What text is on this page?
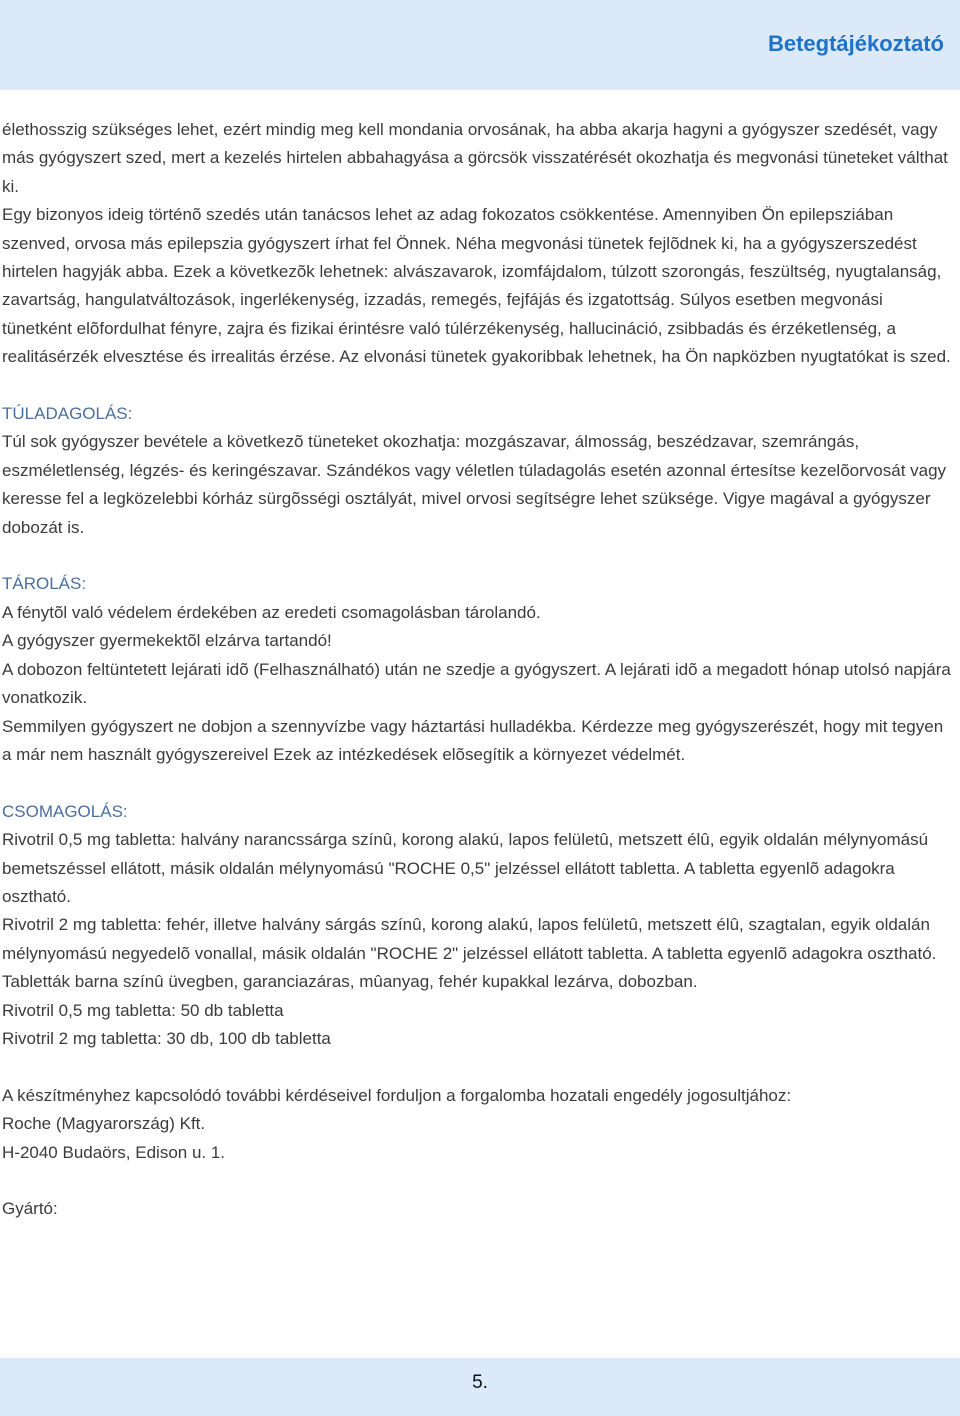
Betegtájékoztató

élethosszig szükséges lehet, ezért mindig meg kell mondania orvosának, ha abba akarja hagyni a gyógyszer szedését, vagy más gyógyszert szed, mert a kezelés hirtelen abbahagyása a görcsök visszatérését okozhatja és megvonási tüneteket válthat ki.

Egy bizonyos ideig történõ szedés után tanácsos lehet az adag fokozatos csökkentése. Amennyiben Ön epilepsziában szenved, orvosa más epilepszia gyógyszert írhat fel Önnek. Néha megvonási tünetek fejlõdnek ki, ha a gyógyszerszedést hirtelen hagyják abba. Ezek a következõk lehetnek: alvászavarok, izomfájdalom, túlzott szorongás, feszültség, nyugtalanság, zavartság, hangulatváltozások, ingerlékenység, izzadás, remegés, fejfájás és izgatottság. Súlyos esetben megvonási tünetként elõfordulhat fényre, zajra és fizikai érintésre való túlérzékenység, hallucináció, zsibbadás és érzéketlenség, a realitásérzék elvesztése és irrealitás érzése. Az elvonási tünetek gyakoribbak lehetnek, ha Ön napközben nyugtatókat is szed.

TÚLADAGOLÁS:

Túl sok gyógyszer bevétele a következõ tüneteket okozhatja: mozgászavar, álmosság, beszédzavar, szemrángás, eszméletlenség, légzés- és keringészavar. Szándékos vagy véletlen túladagolás esetén azonnal értesítse kezelõorvosát vagy keresse fel a legközelebbi kórház sürgõsségi osztályát, mivel orvosi segítségre lehet szüksége. Vigye magával a gyógyszer dobozát is.

TÁROLÁS:

A fénytõl való védelem érdekében az eredeti csomagolásban tárolandó.

A gyógyszer gyermekektõl elzárva tartandó!

A dobozon feltüntetett lejárati idõ (Felhasználható) után ne szedje a gyógyszert. A lejárati idõ a megadott hónap utolsó napjára vonatkozik.

Semmilyen gyógyszert ne dobjon a szennyvízbe vagy háztartási hulladékba. Kérdezze meg gyógyszerészét, hogy mit tegyen a már nem használt gyógyszereivel Ezek az intézkedések elõsegítik a környezet védelmét.

CSOMAGOLÁS:

Rivotril 0,5 mg tabletta: halvány narancssárga színû, korong alakú, lapos felületû, metszett élû, egyik oldalán mélynyomású bemetszéssel ellátott, másik oldalán mélynyomású "ROCHE 0,5" jelzéssel ellátott tabletta. A tabletta egyenlõ adagokra osztható.

Rivotril 2 mg tabletta: fehér, illetve halvány sárgás színû, korong alakú, lapos felületû, metszett élû, szagtalan, egyik oldalán mélynyomású negyedelõ vonallal, másik oldalán "ROCHE 2" jelzéssel ellátott tabletta. A tabletta egyenlõ adagokra osztható.

Tabletták barna színû üvegben, garanciazáras, mûanyag, fehér kupakkal lezárva, dobozban.

Rivotril 0,5 mg tabletta: 50 db tabletta

Rivotril 2 mg tabletta: 30 db, 100 db tabletta

A készítményhez kapcsolódó további kérdéseivel forduljon a forgalomba hozatali engedély jogosultjához:

Roche (Magyarország) Kft.

H-2040 Budaörs, Edison u. 1.

Gyártó:

5.
